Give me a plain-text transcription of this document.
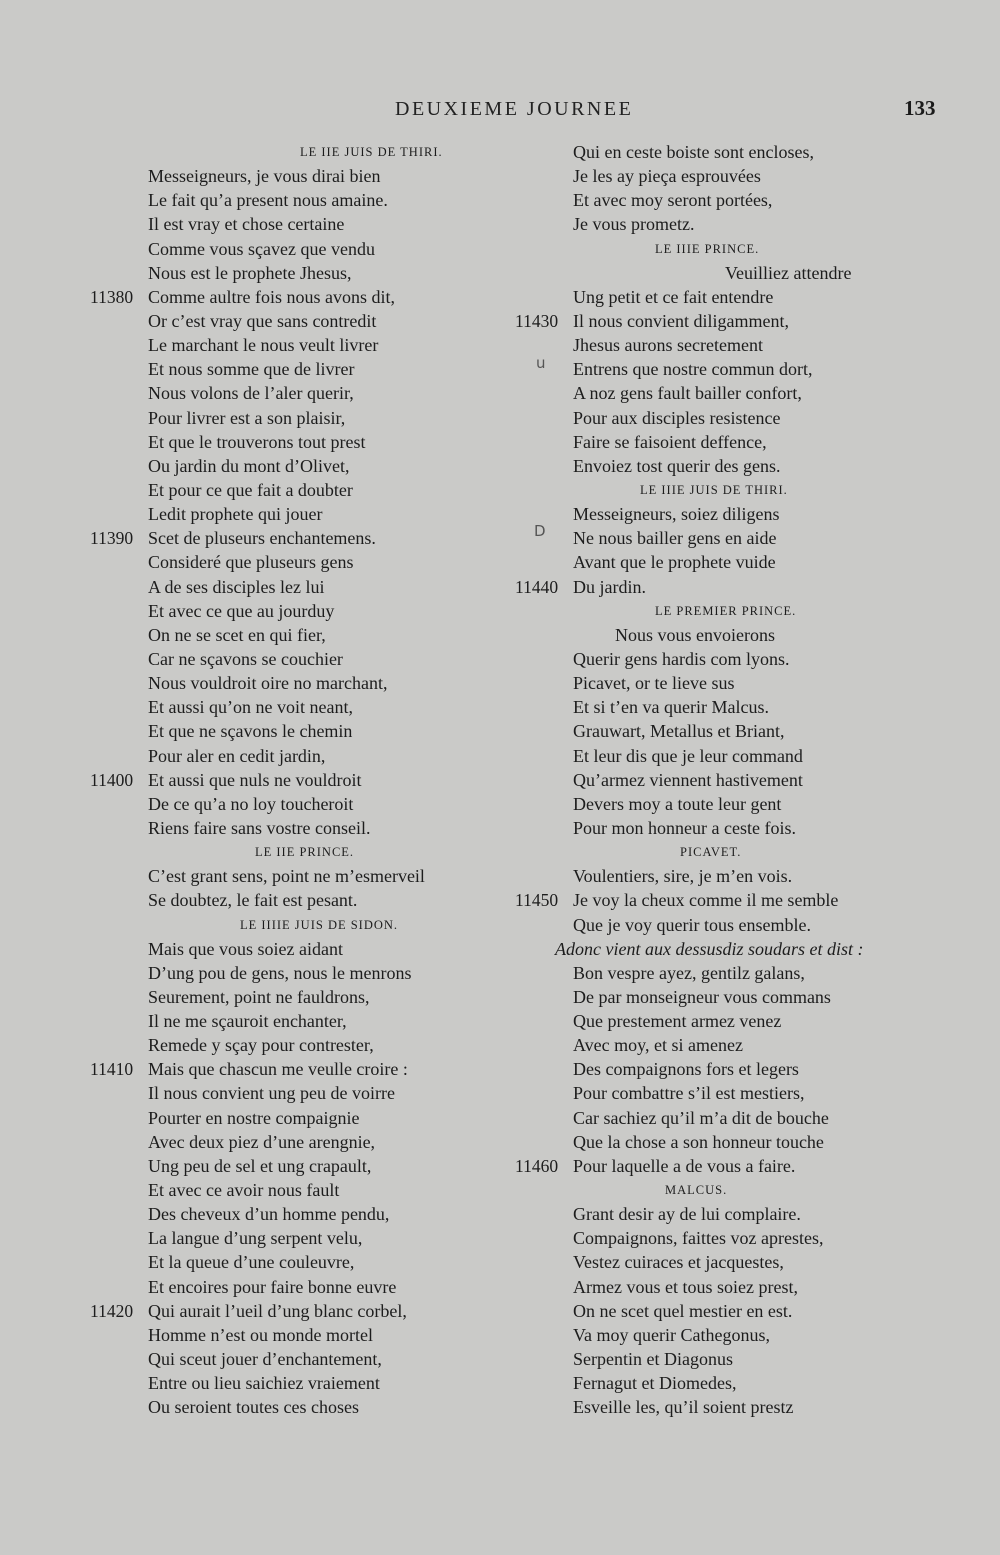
DEUXIEME JOURNEE	133
LE IIE JUIS DE THIRI.
Messeigneurs, je vous dirai bien
Le fait qu’a present nous amaine.
Il est vray et chose certaine
Comme vous sçavez que vendu
Nous est le prophete Jhesus,
11380 Comme aultre fois nous avons dit,
Or c’est vray que sans contredit
Le marchant le nous veult livrer
Et nous somme que de livrer
Nous volons de l’aler querir,
Pour livrer est a son plaisir,
Et que le trouverons tout prest
Ou jardin du mont d’Olivet,
Et pour ce que fait a doubter
Ledit prophete qui jouer
11390 Scet de pluseurs enchantemens.
Consideré que pluseurs gens
A de ses disciples lez lui
Et avec ce que au jourduy
On ne se scet en qui fier,
Car ne sçavons se couchier
Nous vouldroit oire no marchant,
Et aussi qu’on ne voit neant,
Et que ne sçavons le chemin
Pour aler en cedit jardin,
11400 Et aussi que nuls ne vouldroit
De ce qu’a no loy toucheroit
Riens faire sans vostre conseil.
LE IIE PRINCE.
C’est grant sens, point ne m’esmerveil
Se doubtez, le fait est pesant.
LE IIIIE JUIS DE SIDON.
Mais que vous soiez aidant
D’ung pou de gens, nous le menrons
Seurement, point ne fauldrons,
Il ne me sçauroit enchanter,
Remede y sçay pour contrester,
11410 Mais que chascun me veulle croire :
Il nous convient ung peu de voirre
Pourter en nostre compaignie
Avec deux piez d’une arengnie,
Ung peu de sel et ung crapault,
Et avec ce avoir nous fault
Des cheveux d’un homme pendu,
La langue d’ung serpent velu,
Et la queue d’une couleuvre,
Et encoires pour faire bonne euvre
11420 Qui aurait l’ueil d’ung blanc corbel,
Homme n’est ou monde mortel
Qui sceut jouer d’enchantement,
Entre ou lieu saichiez vraiement
Ou seroient toutes ces choses
Qui en ceste boiste sont encloses,
Je les ay pieça esprouvées
Et avec moy seront portées,
Je vous prometz.
LE IIIE PRINCE.
Veuilliez attendre
Ung petit et ce fait entendre
11430 Il nous convient diligamment,
Jhesus aurons secretement
Entrens que nostre commun dort,
A noz gens fault bailler confort,
Pour aux disciples resistence
Faire se faisoient deffence,
Envoiez tost querir des gens.
LE IIIE JUIS DE THIRI.
Messeigneurs, soiez diligens
Ne nous bailler gens en aide
Avant que le prophete vuide
11440 Du jardin.
LE PREMIER PRINCE.
Nous vous envoierons
Querir gens hardis com lyons.
Picavet, or te lieve sus
Et si t’en va querir Malcus.
Grauwart, Metallus et Briant,
Et leur dis que je leur command
Qu’armez viennent hastivement
Devers moy a toute leur gent
Pour mon honneur a ceste fois.
PICAVET.
Voulentiers, sire, je m’en vois.
11450 Je voy la cheux comme il me semble
Que je voy querir tous ensemble.
Adonc vient aux dessusdiz soudars et dist :
Bon vespre ayez, gentilz galans,
De par monseigneur vous commans
Que prestement armez venez
Avec moy, et si amenez
Des compaignons fors et legers
Pour combattre s’il est mestiers,
Car sachiez qu’il m’a dit de bouche
Que la chose a son honneur touche
11460 Pour laquelle a de vous a faire.
MALCUS.
Grant desir ay de lui complaire.
Compaignons, faittes voz aprestes,
Vestez cuiraces et jacquestes,
Armez vous et tous soiez prest,
On ne scet quel mestier en est.
Va moy querir Cathegonus,
Serpentin et Diagonus
Fernagut et Diomedes,
Esveille les, qu’il soient prestz
u
D
